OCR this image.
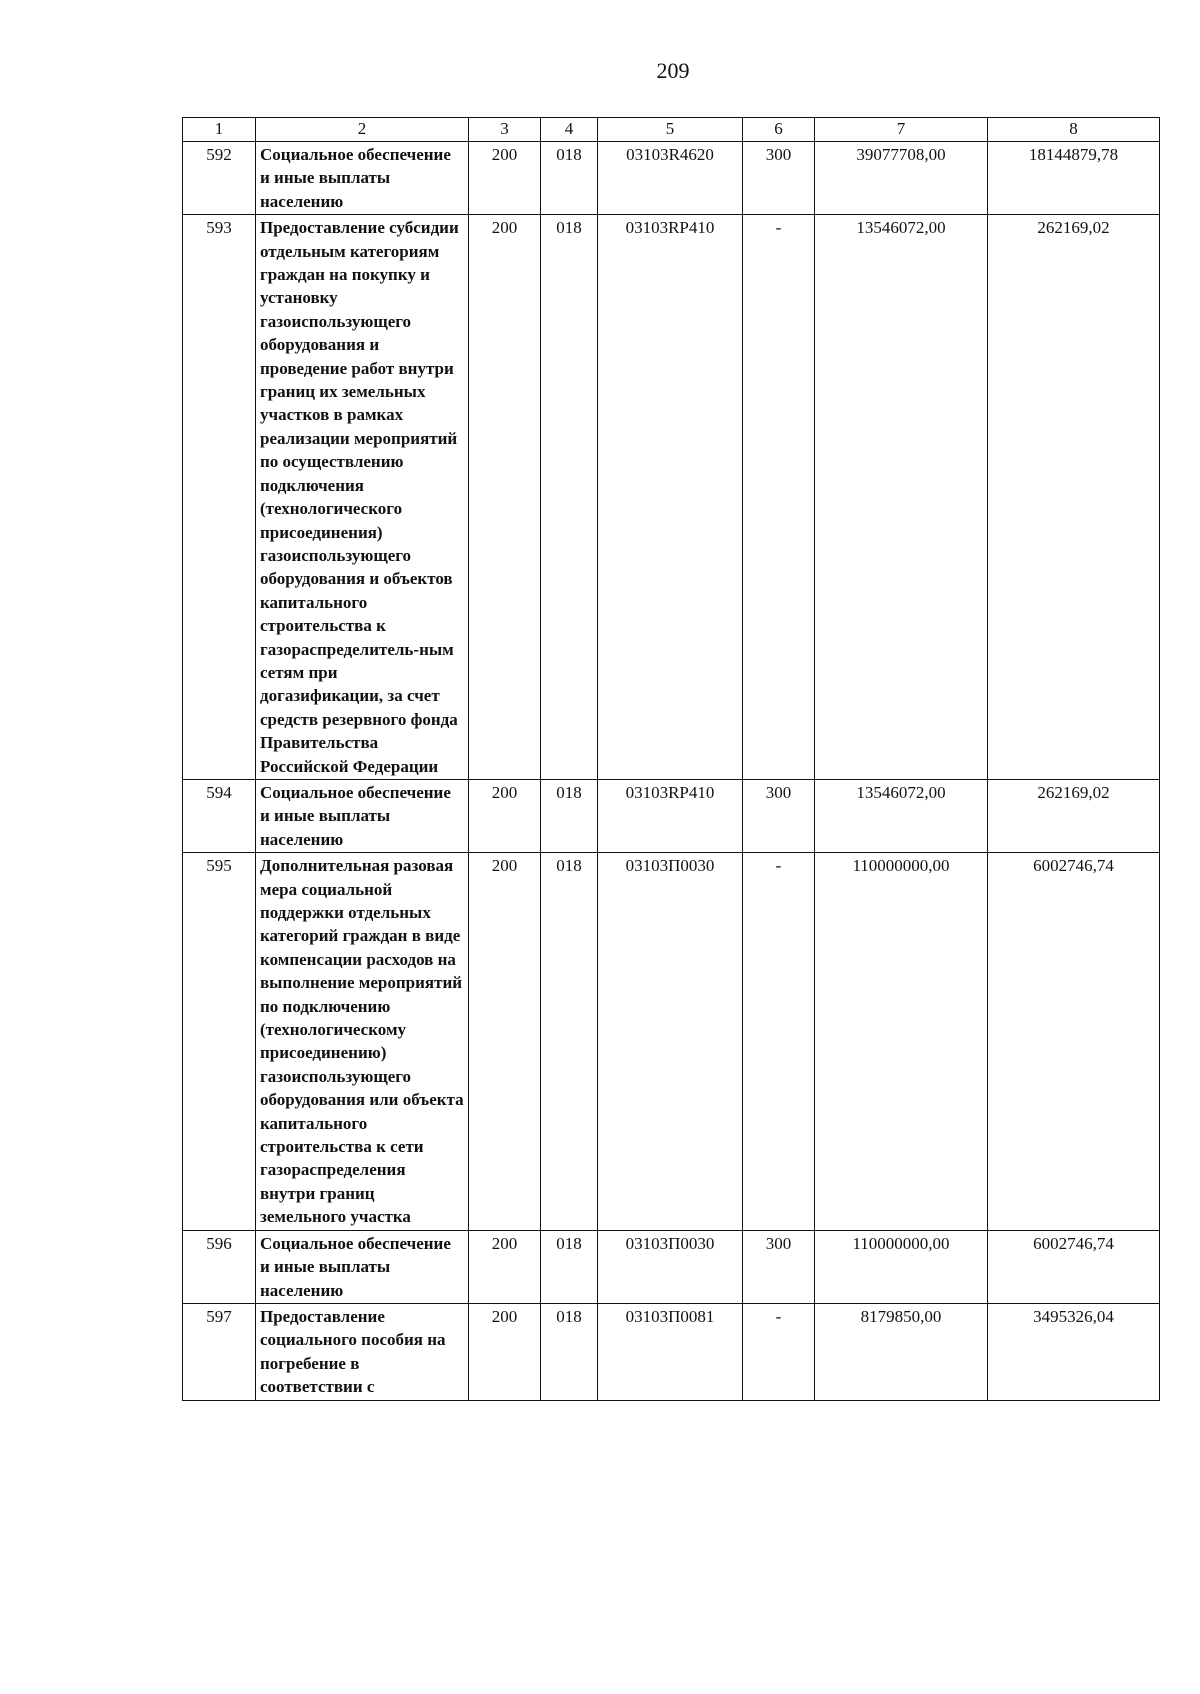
209
1	2	3	4	5	6	7	8
592	Социальное обеспечение и иные выплаты населению	200	018	03103R4620	300	39077708,00	18144879,78
593	Предоставление субсидии отдельным категориям граждан на покупку и установку газоиспользующего оборудования и проведение работ внутри границ их земельных участков в рамках реализации мероприятий по осуществлению подключения (технологического присоединения) газоиспользующего оборудования и объектов капитального строительства к газораспределитель-ным сетям при догазификации, за счет средств резервного фонда Правительства Российской Федерации	200	018	03103RP410	-	13546072,00	262169,02
594	Социальное обеспечение и иные выплаты населению	200	018	03103RP410	300	13546072,00	262169,02
595	Дополнительная разовая мера социальной поддержки отдельных категорий граждан в виде компенсации расходов на выполнение мероприятий по подключению (технологическому присоединению) газоиспользующего оборудования или объекта капитального строительства к сети газораспределения внутри границ земельного участка	200	018	03103П0030	-	110000000,00	6002746,74
596	Социальное обеспечение и иные выплаты населению	200	018	03103П0030	300	110000000,00	6002746,74
597	Предоставление социального пособия на погребение в соответствии с	200	018	03103П0081	-	8179850,00	3495326,04
